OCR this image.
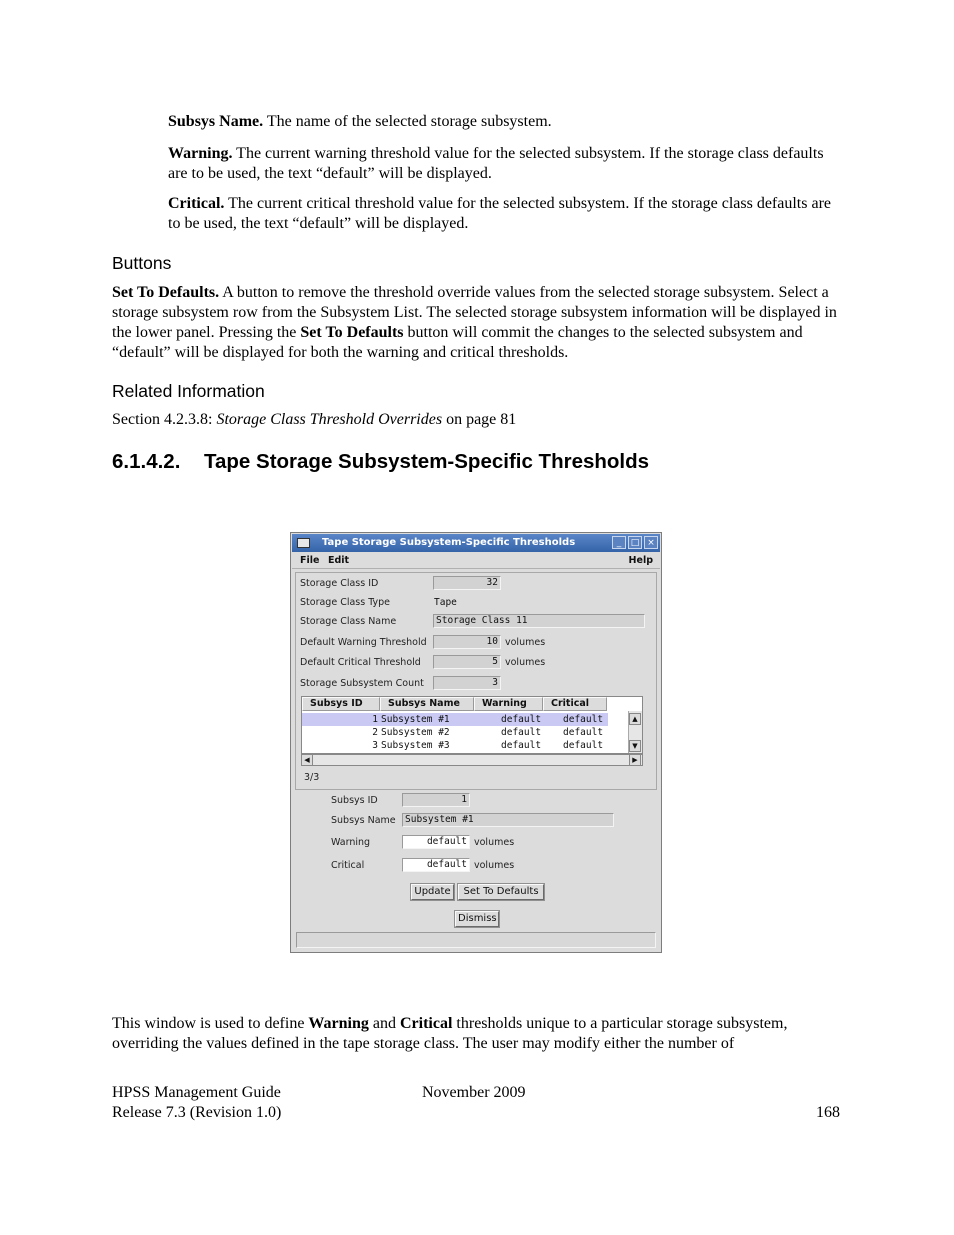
Subsys Name. The name of the selected storage subsystem.

Warning. The current warning threshold value for the selected subsystem. If the storage class defaults are to be used, the text “default” will be displayed.

Critical. The current critical threshold value for the selected subsystem. If the storage class defaults are to be used, the text “default” will be displayed.

Buttons

Set To Defaults. A button to remove the threshold override values from the selected storage subsystem. Select a storage subsystem row from the Subsystem List. The selected storage subsystem information will be displayed in the lower panel. Pressing the Set To Defaults button will commit the changes to the selected subsystem and “default” will be displayed for both the warning and critical thresholds.

Related Information

Section 4.2.3.8: Storage Class Threshold Overrides on page 81

6.1.4.2. Tape Storage Subsystem-Specific Thresholds
Tape Storage Subsystem-Specific Thresholds	_	□ ×
File Edit	Help
Storage Class ID	32
Storage Class Type	Tape
Storage Class Name	Storage Class 11
Default Warning Threshold	10 volumes
Default Critical Threshold	5 volumes
Storage Subsystem Count	3
Subsys ID	Subsys Name	Warning	Critical
1 Subsystem #1	default default
2 Subsystem #2	default default
3 Subsystem #3	default default
▲
▼
◀	▶
3/3
Subsys ID	1
Subsys Name Subsystem #1
Warning	default volumes
Critical	default volumes
Update	Set To Defaults
Dismiss

This window is used to define Warning and Critical thresholds unique to a particular storage subsystem, overriding the values defined in the tape storage class. The user may modify either the number of

HPSS Management Guide
Release 7.3 (Revision 1.0)
November 2009
168
